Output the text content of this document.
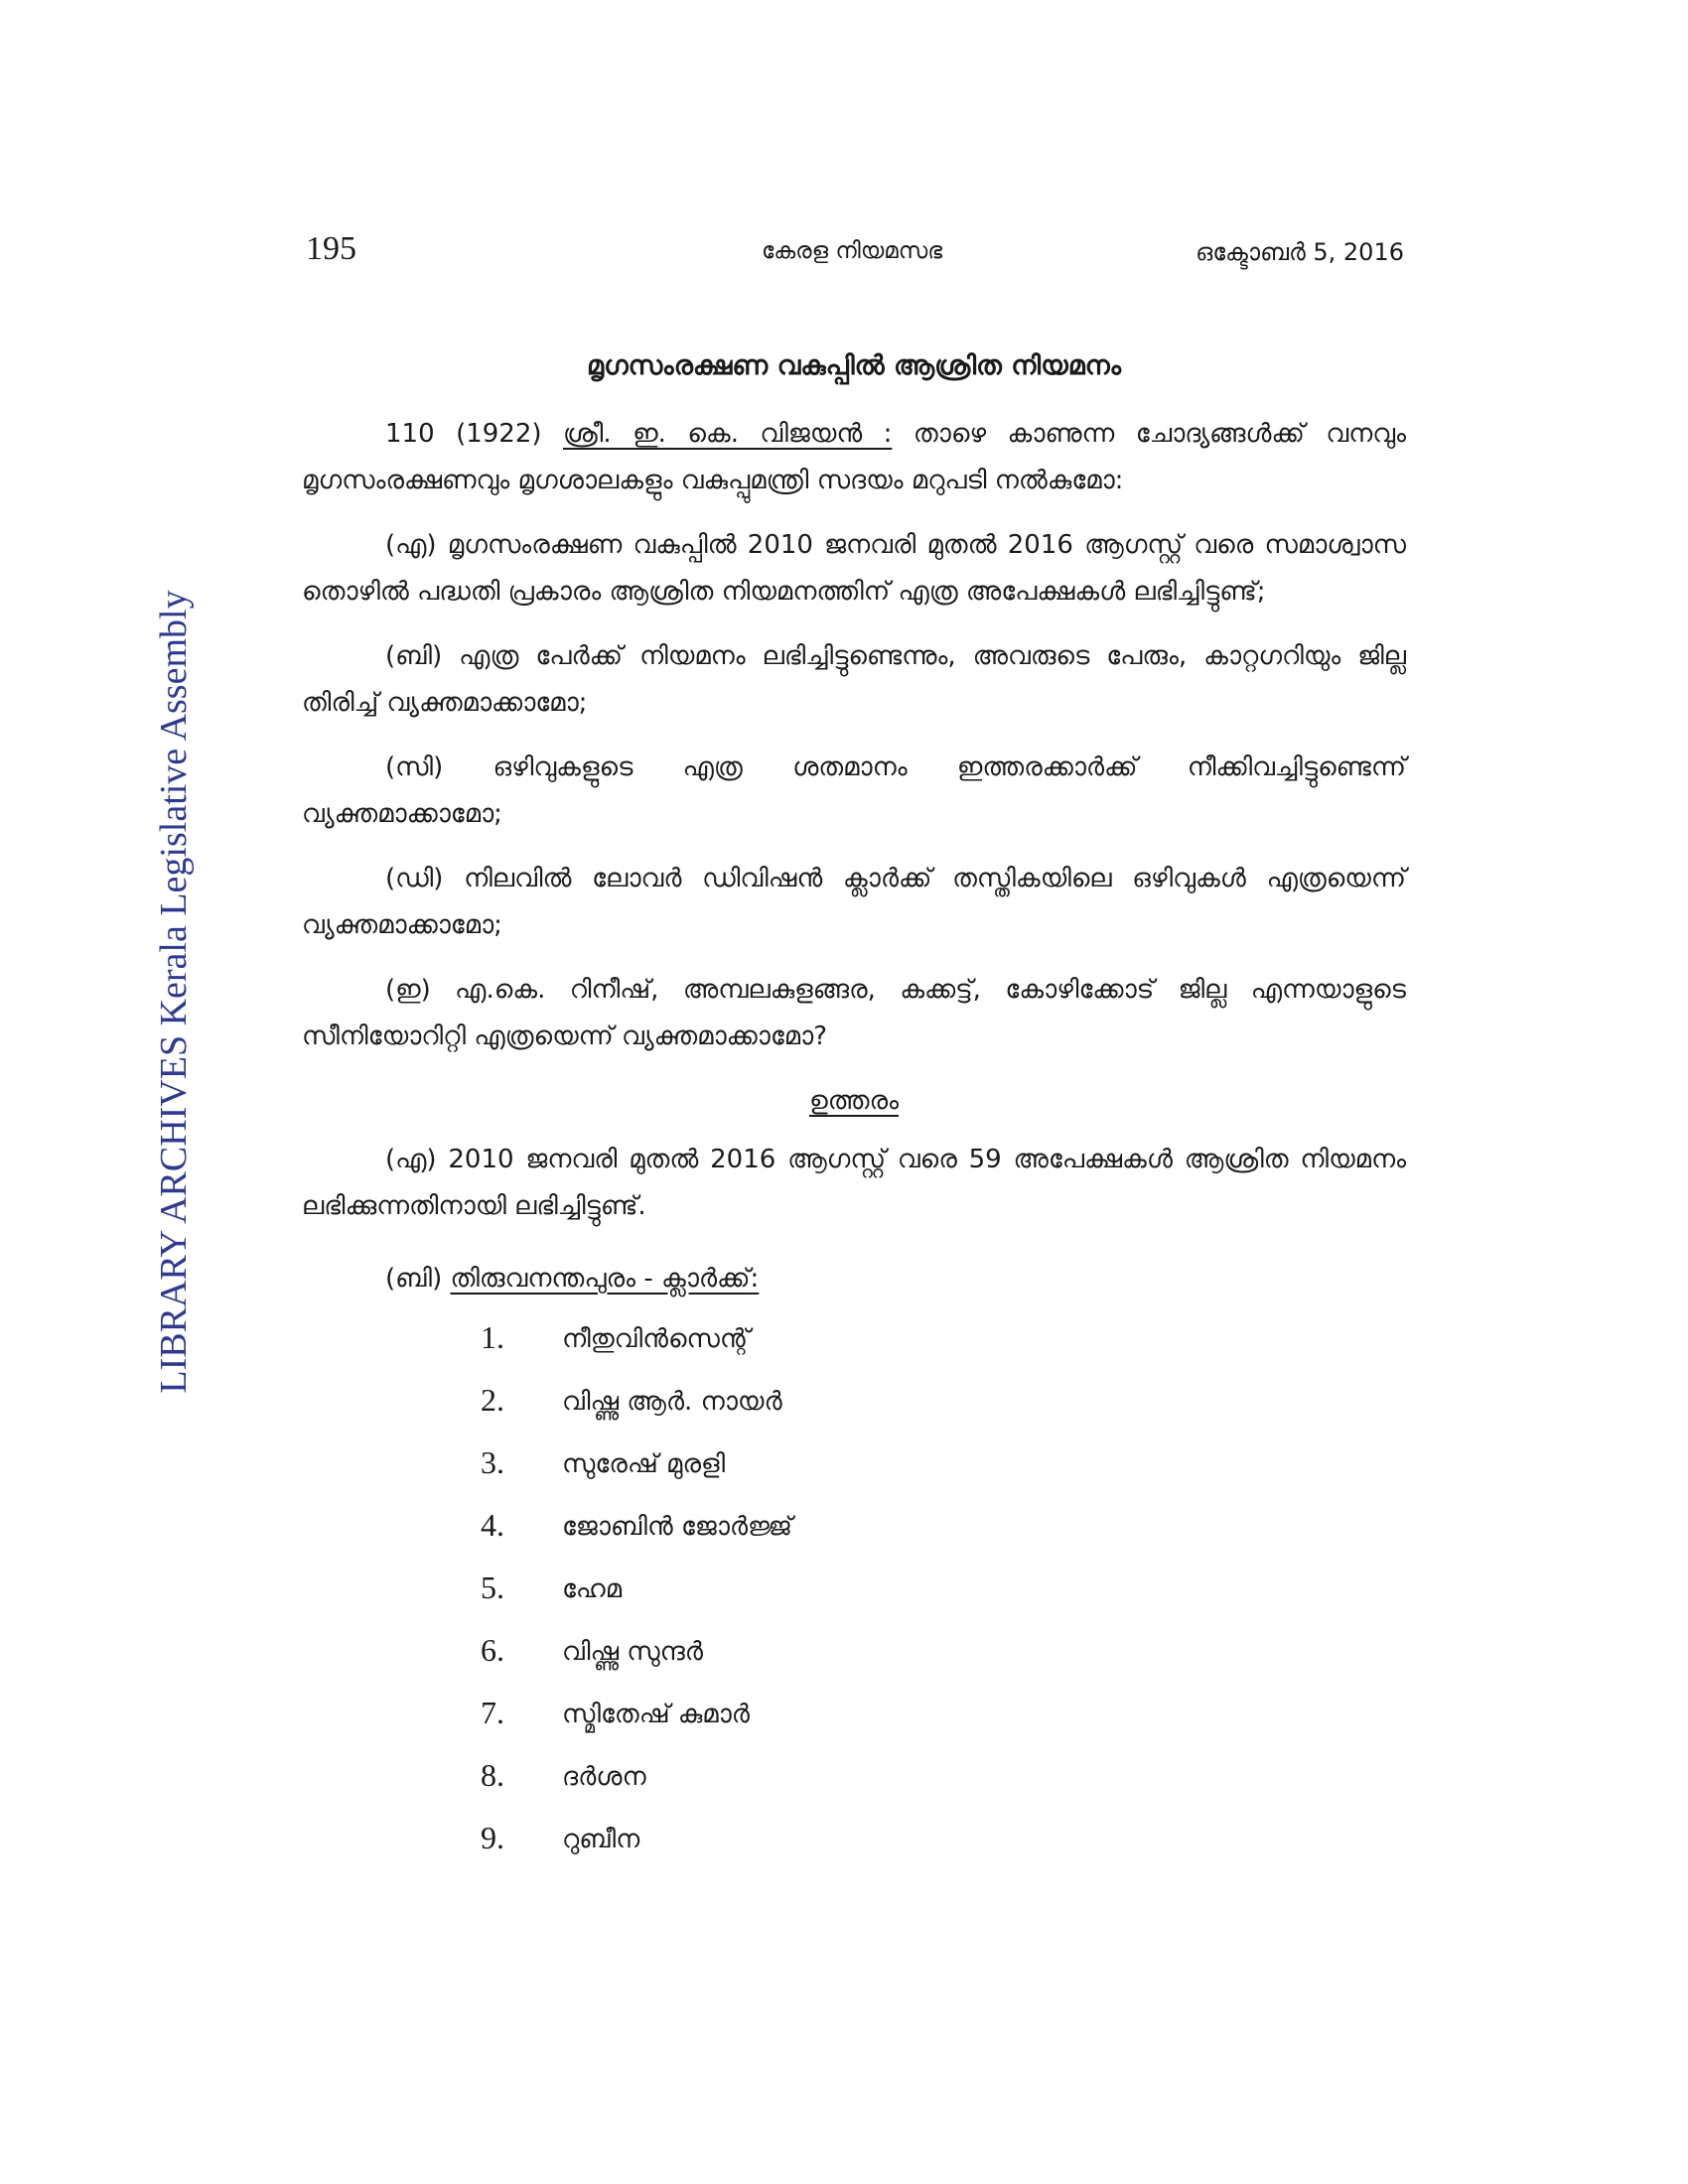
LIBRARY ARCHIVES Kerala Legislative Assembly
195	കേരള നിയമസഭ	ഒക്ടോബർ 5, 2016
മൃഗസംരക്ഷണ വകുപ്പിൽ ആശ്രിത നിയമനം

110 (1922) ശ്രീ. ഇ. കെ. വിജയൻ : താഴെ കാണുന്ന ചോദ്യങ്ങൾക്ക് വനവും മൃഗസംരക്ഷണവും മൃഗശാലകളും വകുപ്പുമന്ത്രി സദയം മറുപടി നൽകുമോ:

(എ) മൃഗസംരക്ഷണ വകുപ്പിൽ 2010 ജനവരി മുതൽ 2016 ആഗസ്റ്റ് വരെ സമാശ്വാസ തൊഴിൽ പദ്ധതി പ്രകാരം ആശ്രിത നിയമനത്തിന് എത്ര അപേക്ഷകൾ ലഭിച്ചിട്ടുണ്ട്;

(ബി) എത്ര പേർക്ക് നിയമനം ലഭിച്ചിട്ടുണ്ടെന്നും, അവരുടെ പേരും, കാറ്റഗറിയും ജില്ല തിരിച്ച് വ്യക്തമാക്കാമോ;

(സി) ഒഴിവുകളുടെ എത്ര ശതമാനം ഇത്തരക്കാർക്ക് നീക്കിവച്ചിട്ടുണ്ടെന്ന് വ്യക്തമാക്കാമോ;

(ഡി) നിലവിൽ ലോവർ ഡിവിഷൻ ക്ലാർക്ക് തസ്തികയിലെ ഒഴിവുകൾ എത്രയെന്ന് വ്യക്തമാക്കാമോ;

(ഇ) എ.കെ. റിനീഷ്, അമ്പലകുളങ്ങര, കക്കട്ട്, കോഴിക്കോട് ജില്ല എന്നയാളുടെ സീനിയോറിറ്റി എത്രയെന്ന് വ്യക്തമാക്കാമോ?

ഉത്തരം

(എ) 2010 ജനവരി മുതൽ 2016 ആഗസ്റ്റ് വരെ 59 അപേക്ഷകൾ ആശ്രിത നിയമനം ലഭിക്കുന്നതിനായി ലഭിച്ചിട്ടുണ്ട്.

(ബി) തിരുവനന്തപുരം - ക്ലാർക്ക്:
1. നീതുവിൻസെന്റ്
2. വിഷ്ണു ആർ. നായർ
3. സുരേഷ് മുരളി
4. ജോബിൻ ജോർജ്ജ്
5. ഹേമ
6. വിഷ്ണു സുന്ദർ
7. സ്മിതേഷ് കുമാർ
8. ദർശന
9. റുബീന
